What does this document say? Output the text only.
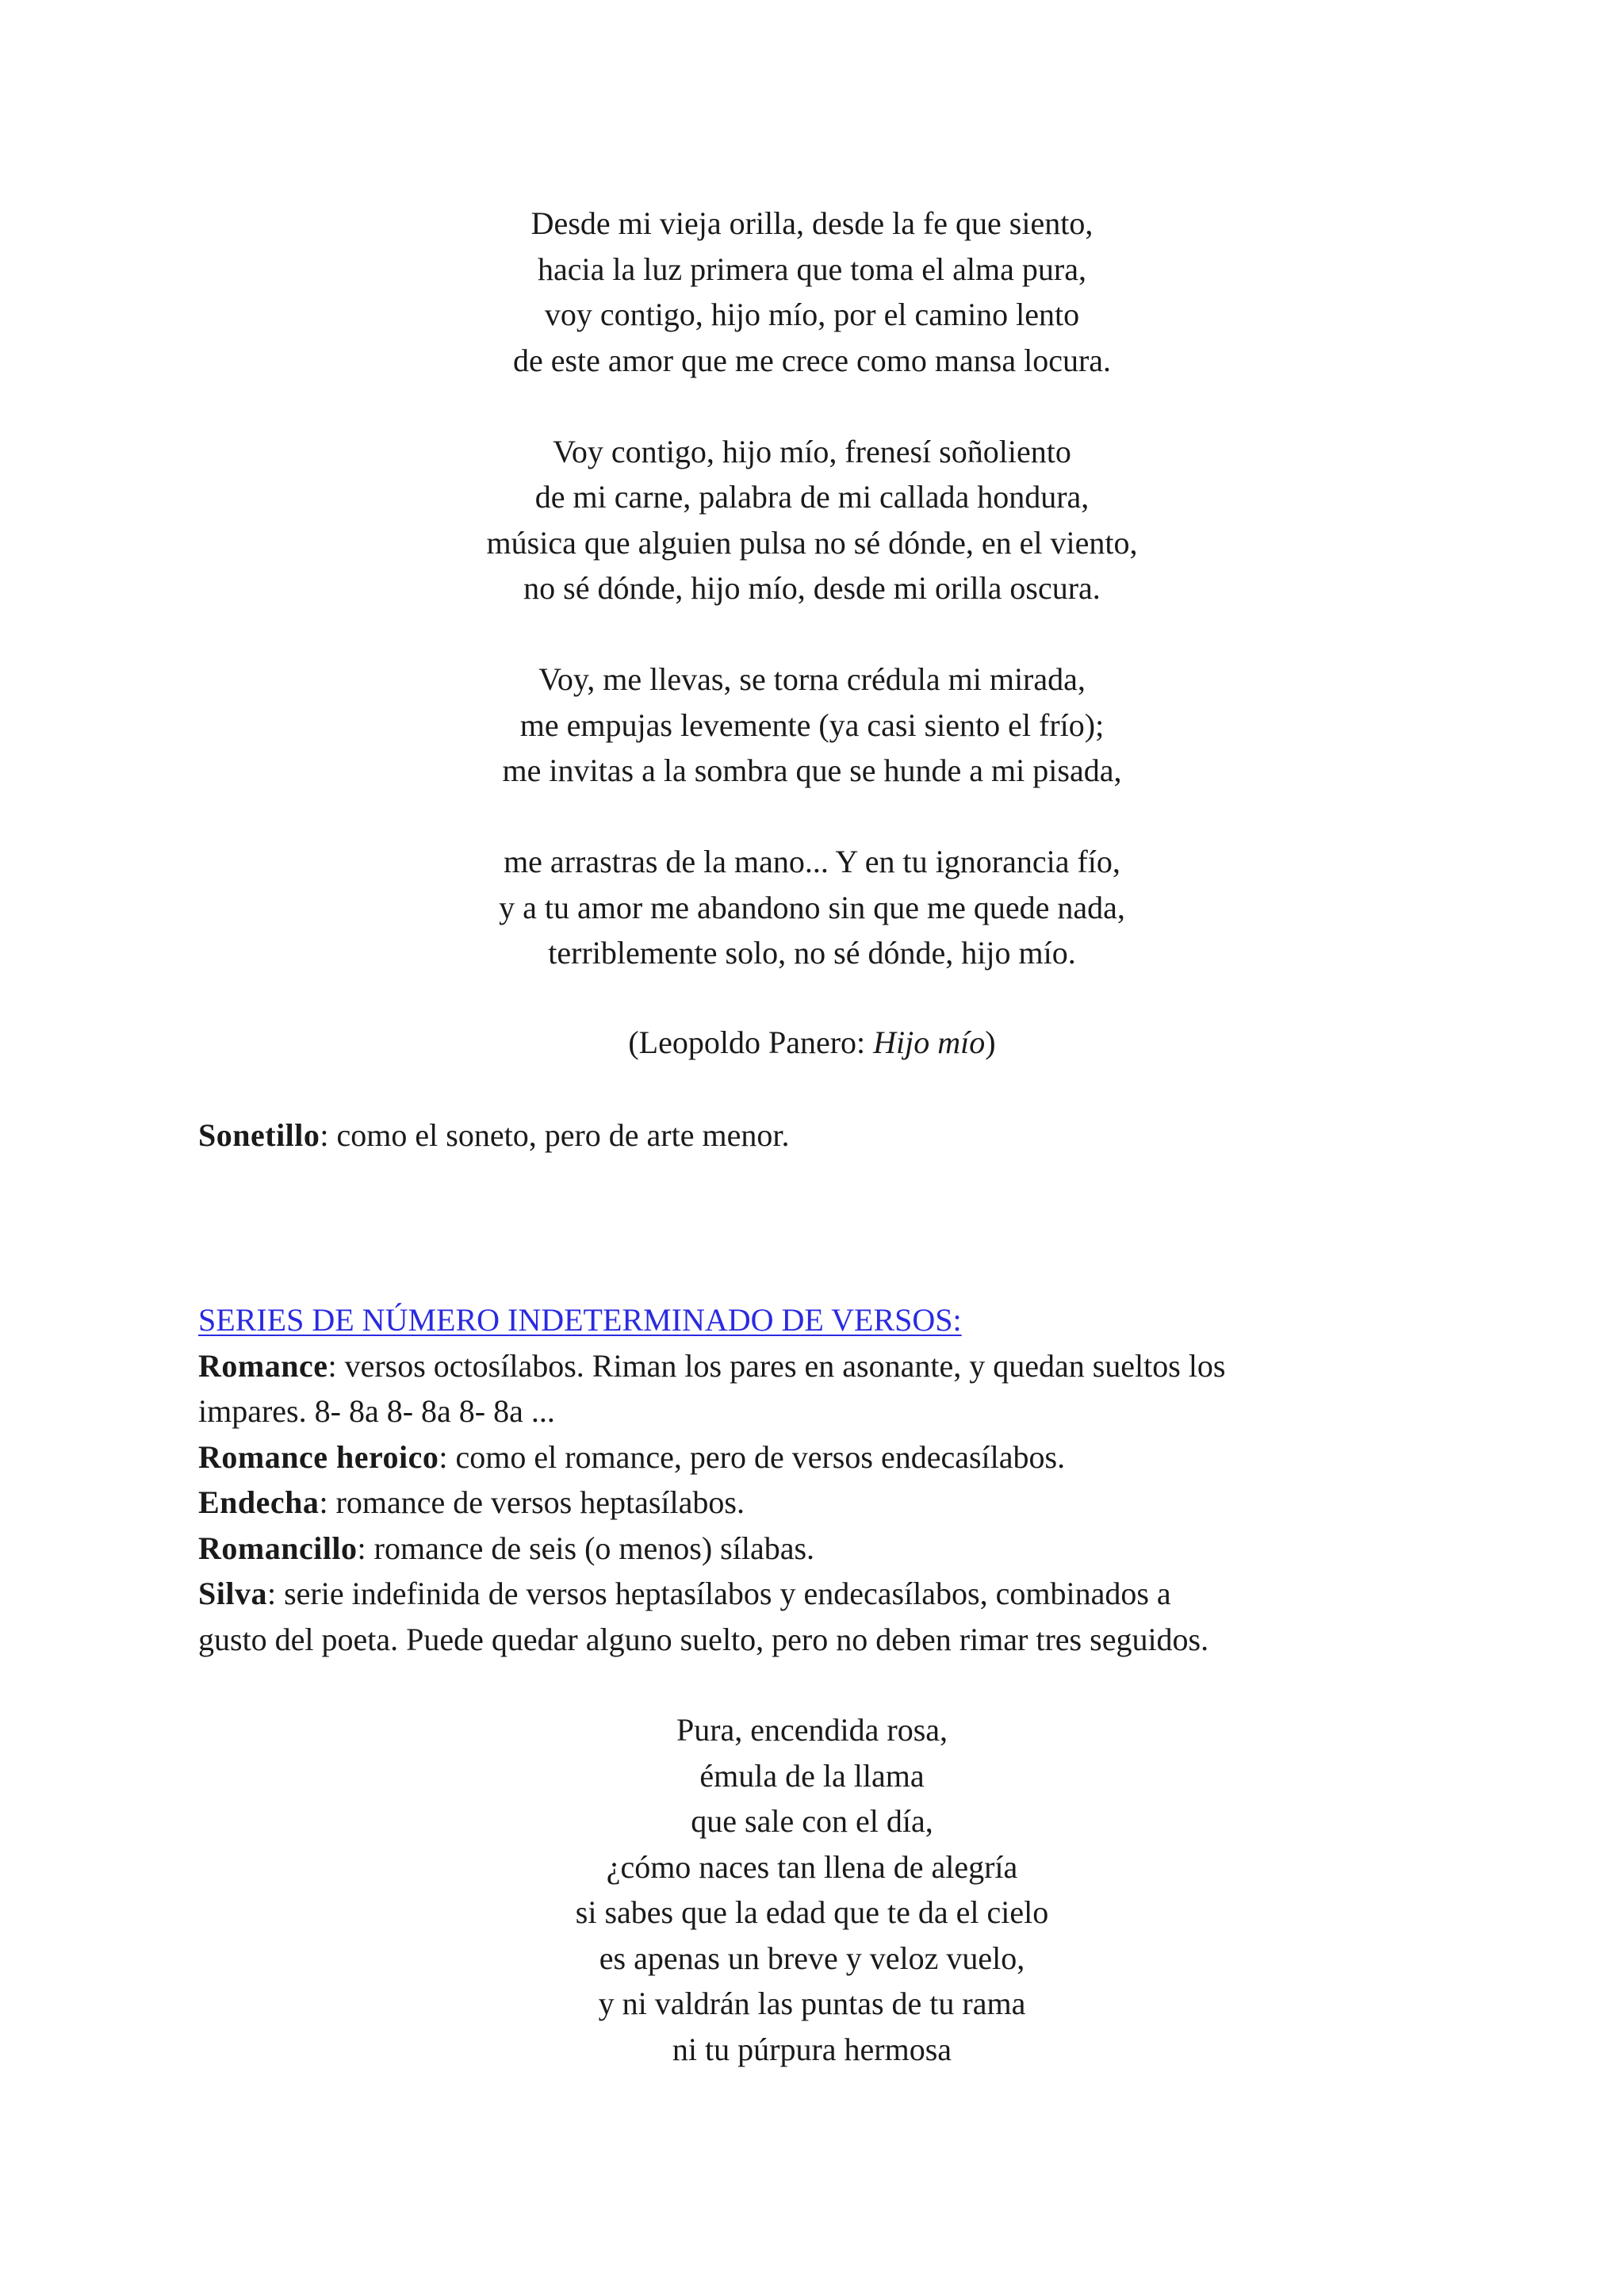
Desde mi vieja orilla, desde la fe que siento,
hacia la luz primera que toma el alma pura,
voy contigo, hijo mío, por el camino lento
de este amor que me crece como mansa locura.
Voy contigo, hijo mío, frenesí soñoliento
de mi carne, palabra de mi callada hondura,
música que alguien pulsa no sé dónde, en el viento,
no sé dónde, hijo mío, desde mi orilla oscura.
Voy, me llevas, se torna crédula mi mirada,
me empujas levemente (ya casi siento el frío);
me invitas a la sombra que se hunde a mi pisada,
me arrastras de la mano... Y en tu ignorancia fío,
y a tu amor me abandono sin que me quede nada,
terriblemente solo, no sé dónde, hijo mío.
(Leopoldo Panero: Hijo mío)
Sonetillo: como el soneto, pero de arte menor.
SERIES DE NÚMERO INDETERMINADO DE VERSOS:
Romance: versos octosílabos. Riman los pares en asonante, y quedan sueltos los
impares. 8- 8a 8- 8a 8- 8a ...
Romance heroico: como el romance, pero de versos endecasílabos.
Endecha: romance de versos heptasílabos.
Romancillo: romance de seis (o menos) sílabas.
Silva: serie indefinida de versos heptasílabos y endecasílabos, combinados a
gusto del poeta. Puede quedar alguno suelto, pero no deben rimar tres seguidos.
Pura, encendida rosa,
émula de la llama
que sale con el día,
¿cómo naces tan llena de alegría
si sabes que la edad que te da el cielo
es apenas un breve y veloz vuelo,
y ni valdrán las puntas de tu rama
ni tu púrpura hermosa
